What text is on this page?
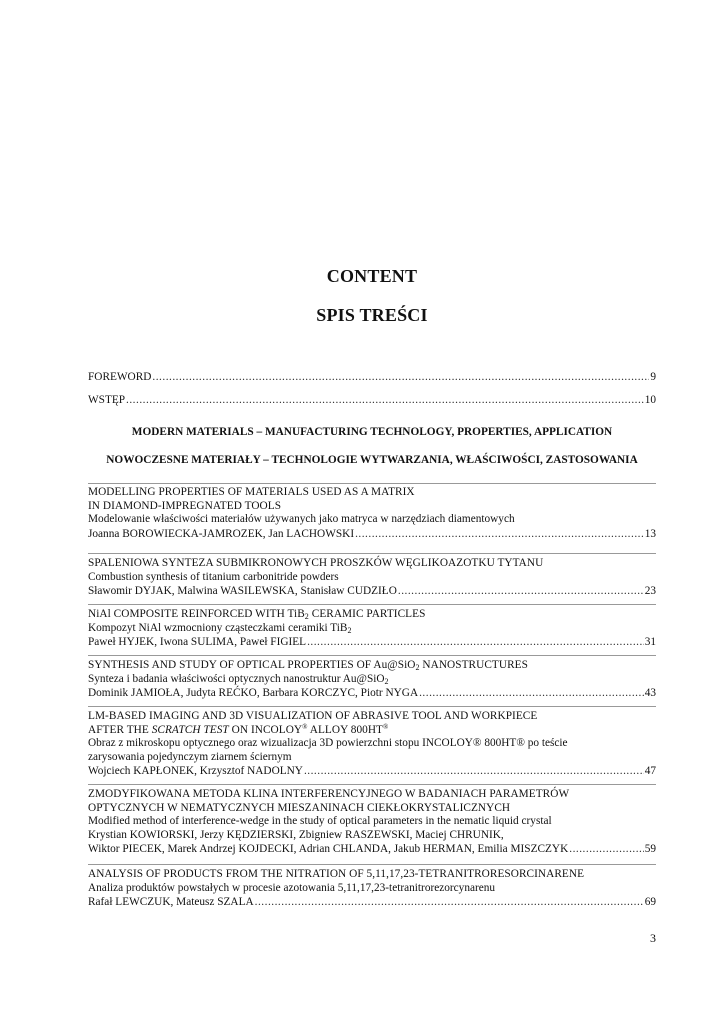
CONTENT
SPIS TREŚCI
FOREWORD .....	9
WSTĘP .....	10
MODERN MATERIALS – MANUFACTURING TECHNOLOGY, PROPERTIES, APPLICATION
NOWOCZESNE MATERIAŁY – TECHNOLOGIE WYTWARZANIA, WŁAŚCIWOŚCI, ZASTOSOWANIA
MODELLING PROPERTIES OF MATERIALS USED AS A MATRIX
IN DIAMOND-IMPREGNATED TOOLS
Modelowanie właściwości materiałów używanych jako matryca w narzędziach diamentowych
Joanna BOROWIECKA-JAMROZEK, Jan LACHOWSKI .....	13
SPALENIOWA SYNTEZA SUBMIKRONOWYCH PROSZKÓW WĘGLIKOAZOTKU TYTANU
Combustion synthesis of titanium carbonitride powders
Sławomir DYJAK, Malwina WASILEWSKA, Stanisław CUDZIŁO .....	23
NiAl COMPOSITE REINFORCED WITH TiB$_2$ CERAMIC PARTICLES
Kompozyt NiAl wzmocniony cząsteczkami ceramiki TiB$_2$
Paweł HYJEK, Iwona SULIMA, Paweł FIGIEL .....	31
SYNTHESIS AND STUDY OF OPTICAL PROPERTIES OF Au@SiO$_2$ NANOSTRUCTURES
Synteza i badania właściwości optycznych nanostruktur Au@SiO$_2$
Dominik JAMIOŁA, Judyta REĆKO, Barbara KORCZYC, Piotr NYGA .....	43
LM-BASED IMAGING AND 3D VISUALIZATION OF ABRASIVE TOOL AND WORKPIECE
AFTER THE SCRATCH TEST ON INCOLOY® ALLOY 800HT®
Obraz z mikroskopu optycznego oraz wizualizacja 3D powierzchni stopu INCOLOY® 800HT® po teście
zarysowania pojedynczym ziarnem ściernym
Wojciech KAPŁONEK, Krzysztof NADOLNY .....	47
ZMODYFIKOWANA METODA KLINA INTERFERENCYJNEGO W BADANIACH PARAMETRÓW
OPTYCZNYCH W NEMATYCZNYCH MIESZANINACH CIEKŁOKRYSTALICZNYCH
Modified method of interference-wedge in the study of optical parameters in the nematic liquid crystal
Krystian KOWIORSKI, Jerzy KĘDZIERSKI, Zbigniew RASZEWSKI, Maciej CHRUNIK,
Wiktor PIECEK, Marek Andrzej KOJDECKI, Adrian CHLANDA, Jakub HERMAN, Emilia MISZCZYK .....	59
ANALYSIS OF PRODUCTS FROM THE NITRATION OF 5,11,17,23-TETRANITRORESORCINARENE
Analiza produktów powstałych w procesie azotowania 5,11,17,23-tetranitrorezorcynarenu
Rafał LEWCZUK, Mateusz SZALA .....	69
3
